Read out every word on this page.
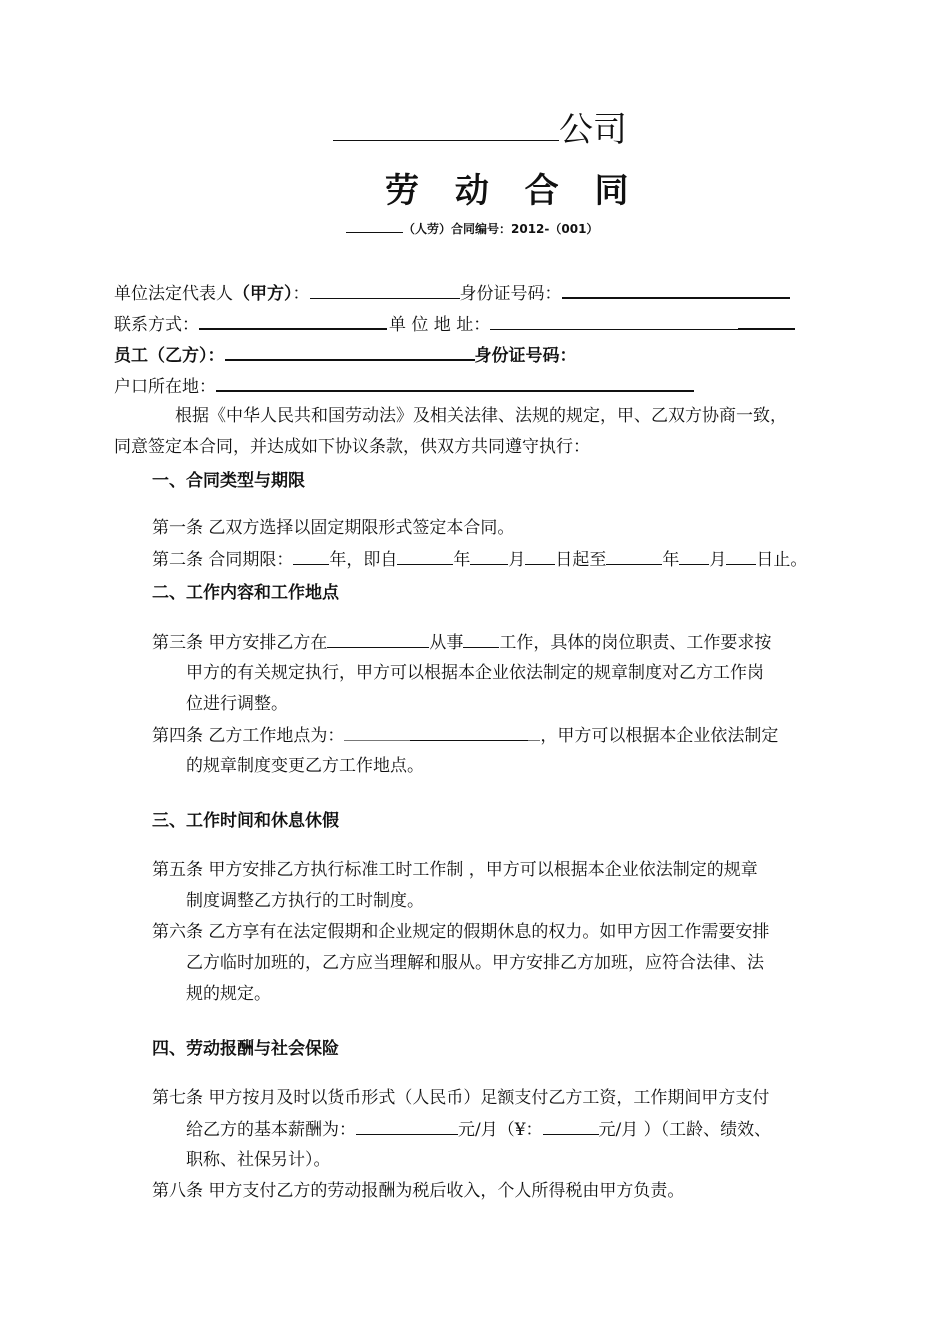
公司
劳 动 合 同
（人劳）合同编号：2012-（001）
单位法定代表人（甲方）：	身份证号码：
联系方式：	单 位 地 址：
员工（乙方）：	身份证号码：
户口所在地：
根据《中华人民共和国劳动法》及相关法律、法规的规定，甲、乙双方协商一致，
同意签定本合同，并达成如下协议条款，供双方共同遵守执行：
一、合同类型与期限
第一条 乙双方选择以固定期限形式签定本合同。
第二条 合同期限： 年，即自	年 月 日起至	年 月 日止。
二、工作内容和工作地点
第三条 甲方安排乙方在	从事 工作，具体的岗位职责、工作要求按
甲方的有关规定执行，甲方可以根据本企业依法制定的规章制度对乙方工作岗
位进行调整。
第四条 乙方工作地点为：	，甲方可以根据本企业依法制定
的规章制度变更乙方工作地点。
三、工作时间和休息休假
第五条 甲方安排乙方执行标准工时工作制 ，甲方可以根据本企业依法制定的规章
制度调整乙方执行的工时制度。
第六条 乙方享有在法定假期和企业规定的假期休息的权力。如甲方因工作需要安排
乙方临时加班的，乙方应当理解和服从。甲方安排乙方加班，应符合法律、法
规的规定。
四、劳动报酬与社会保险
第七条 甲方按月及时以货币形式（人民币）足额支付乙方工资，工作期间甲方支付
给乙方的基本薪酬为：	元/月（¥：	元/月 ）（工龄、绩效、
职称、社保另计）。
第八条 甲方支付乙方的劳动报酬为税后收入，个人所得税由甲方负责。
